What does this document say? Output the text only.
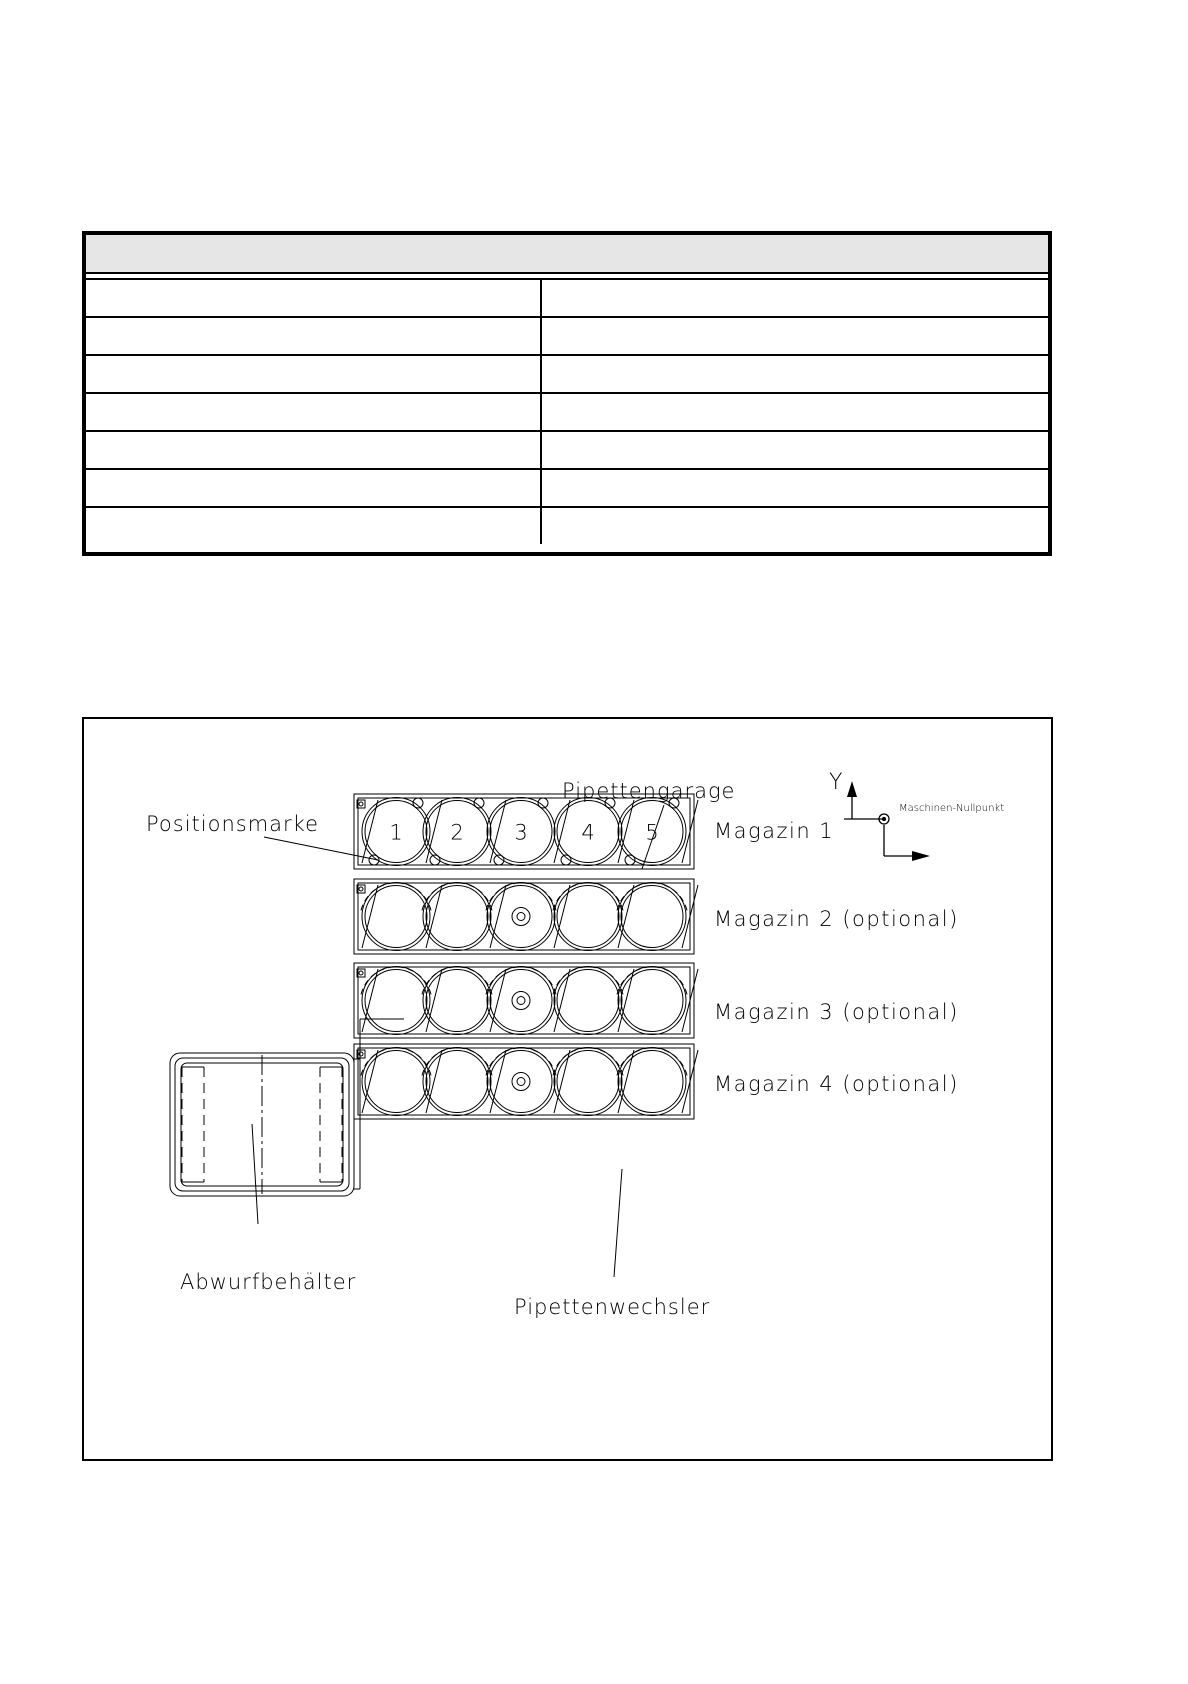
Y
Maschinen-Nullpunkt
Positionsmarke
Pipettengarage
Abwurfbehälter
1 2 3	4 5	Magazin 1
Magazin 2 (optional)
Magazin 3 (optional)
Magazin 4 (optional)
Pipettenwechsler
